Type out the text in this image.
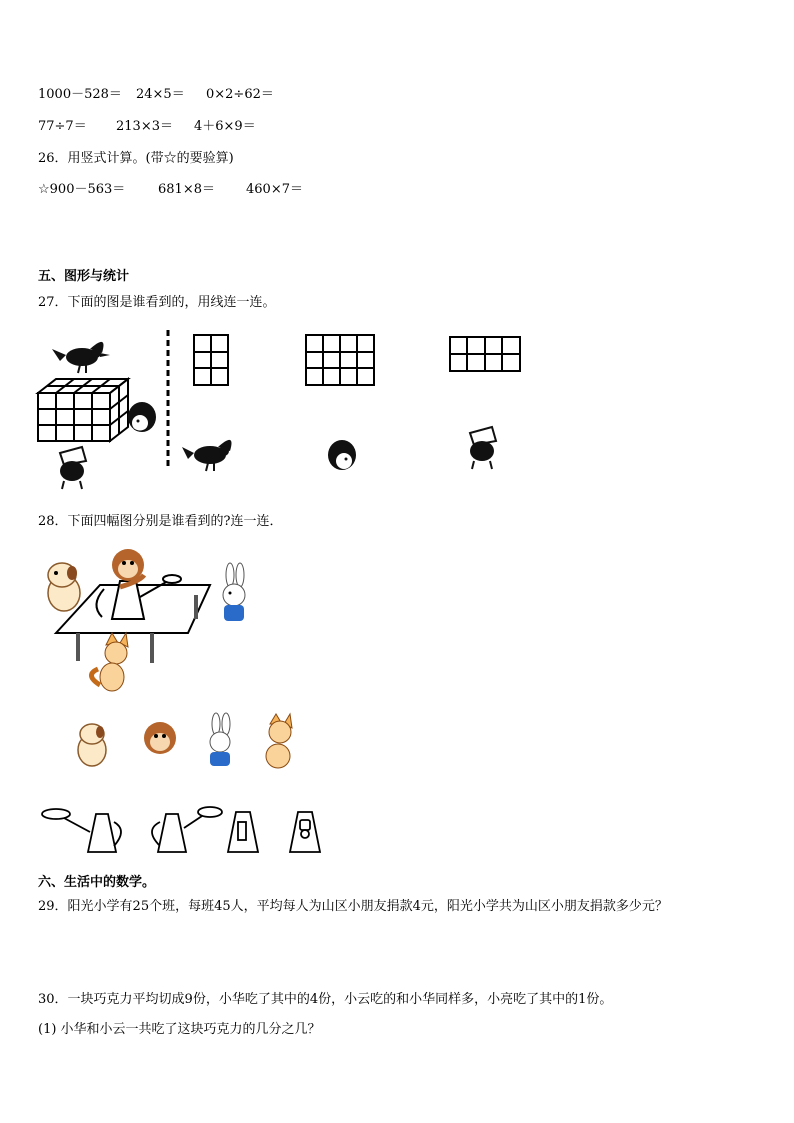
1000－528＝ 24×5＝ 0×2÷62＝
77÷7＝ 213×3＝ 4＋6×9＝
26．用竖式计算。(带☆的要验算)
☆900－563＝	681×8＝ 460×7＝
五、图形与统计
27．下面的图是谁看到的，用线连一连。
28．下面四幅图分别是谁看到的?连一连．
六、生活中的数学。
29．阳光小学有25个班，每班45人，平均每人为山区小朋友捐款4元，阳光小学共为山区小朋友捐款多少元？
30．一块巧克力平均切成9份，小华吃了其中的4份，小云吃的和小华同样多，小亮吃了其中的1份。
(1) 小华和小云一共吃了这块巧克力的几分之几？
